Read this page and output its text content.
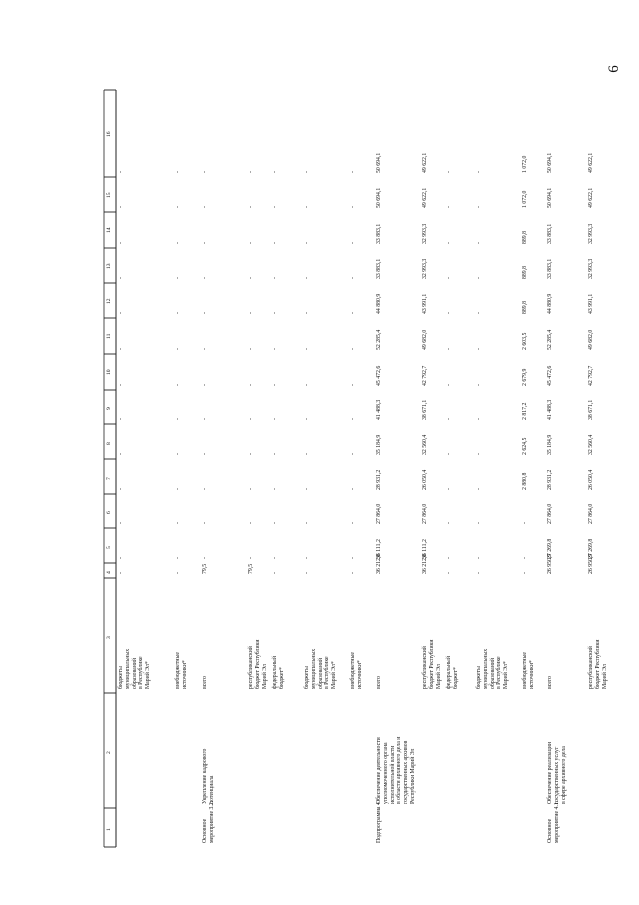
6
1
2
3
4
5
6
7
8
9
10
11
12
13
14
15
16
бюджеты муниципальных образований в Республике Марий Эл*
-
-
-
-
-
-
-
-
-
-
-
-
-
внебюджетные источники*
-
-
-
-
-
-
-
-
-
-
-
-
-
Основное мероприятие 3.2.
Укрепление кадрового потенциала
всего
79,5
-
-
-
-
-
-
-
-
-
-
-
-
республиканский бюджет Республики Марий Эл
79,5
-
-
-
-
-
-
-
-
-
-
-
-
федеральный бюджет*
-
-
-
-
-
-
-
-
-
-
-
-
-
бюджеты муниципальных образований в Республике Марий Эл*
-
-
-
-
-
-
-
-
-
-
-
-
-
внебюджетные источники*
-
-
-
-
-
-
-
-
-
-
-
-
-
Подпрограмма 4
Обеспечение деятельности уполномоченного органа исполнительной власти в области архивного дела и государственных архивов Республики Марий Эл
всего
36 212,0
36 111,2
27 864,0
28 931,2
35 184,9
41 488,3
45 472,6
52 285,4
44 880,9
33 883,1
33 883,1
50 694,1
50 694,1
республиканский бюджет Республики Марий Эл
36 212,0
36 111,2
27 864,0
26 050,4
32 560,4
38 671,1
42 792,7
49 682,0
43 991,1
32 993,3
32 993,3
49 622,1
49 622,1
федеральный бюджет*
-
-
-
-
-
-
-
-
-
-
-
-
-
бюджеты муниципальных образований в Республике Марий Эл*
-
-
-
-
-
-
-
-
-
-
-
-
-
внебюджетные источники*
-
-
-
2 880,8
2 624,5
2 817,2
2 679,9
2 603,5
889,8
889,8
889,8
1 072,0
1 072,0
Основное мероприятие 4.1.
Обеспечение реализации государственных услуг в сфере архивного дела
всего
26 950,9
27 269,8
27 864,0
28 931,2
35 184,9
41 488,3
45 472,6
52 285,4
44 880,9
33 883,1
33 883,1
50 694,1
50 694,1
республиканский бюджет Республики Марий Эл
26 950,9
27 269,8
27 864,0
26 050,4
32 560,4
38 671,1
42 792,7
49 682,0
43 991,1
32 993,3
32 993,3
49 622,1
49 622,1
